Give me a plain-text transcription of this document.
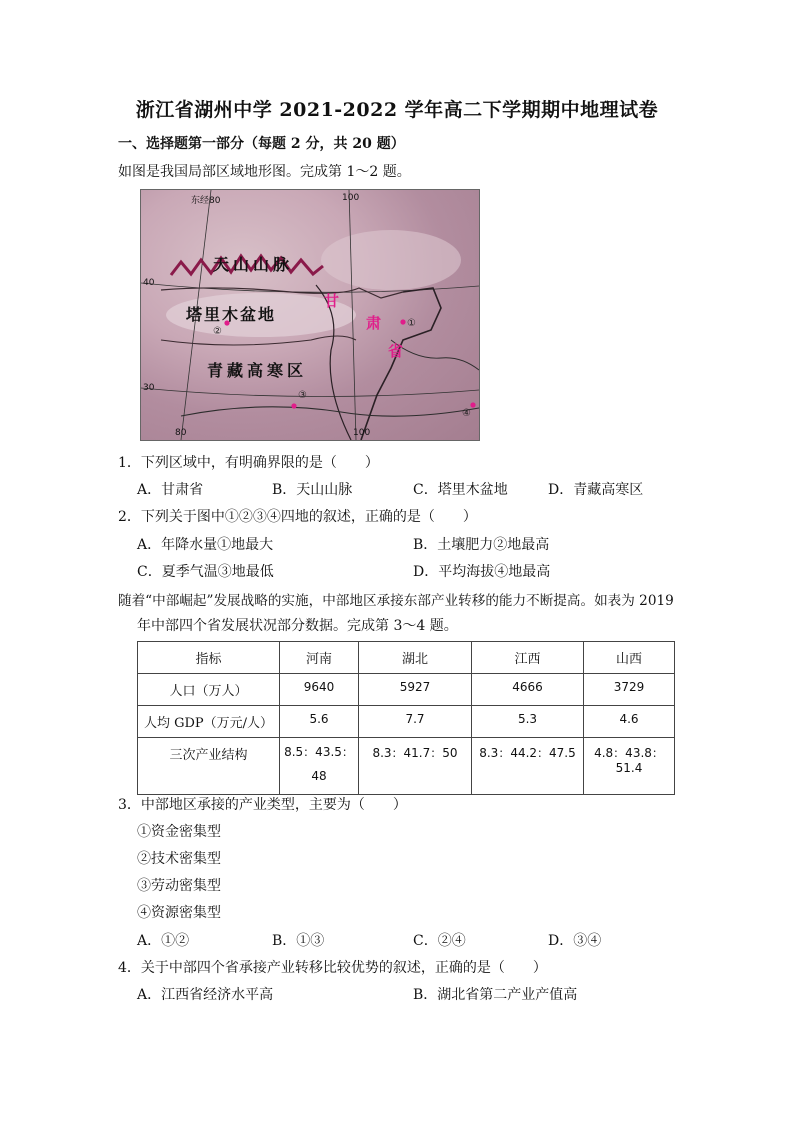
浙江省湖州中学 2021-2022 学年高二下学期期中地理试卷
一、选择题第一部分（每题 2 分，共 20 题）
如图是我国局部区域地形图。完成第 1～2 题。
东经80	100
40
30
80	100
天山山脉
塔里木盆地
青藏高寒区
甘
肃
省
①
②
③
④
1．下列区域中，有明确界限的是（　　）
A．甘肃省	B．天山山脉	C．塔里木盆地	D．青藏高寒区
2．下列关于图中①②③④四地的叙述，正确的是（　　）
A．年降水量①地最大	B．土壤肥力②地最高
C．夏季气温③地最低	D．平均海拔④地最高
随着“中部崛起”发展战略的实施，中部地区承接东部产业转移的能力不断提高。如表为 2019
年中部四个省发展状况部分数据。完成第 3～4 题。
指标	河南	湖北	江西	山西
人口（万人）	9640	5927	4666	3729
人均 GDP（万元/人）	5.6	7.7	5.3	4.6
三次产业结构	8.5：43.5：48	8.3：41.7：50	8.3：44.2：47.5	4.8：43.8：51.4
3．中部地区承接的产业类型，主要为（　　）
①资金密集型
②技术密集型
③劳动密集型
④资源密集型
A．①②	B．①③	C．②④	D．③④
4．关于中部四个省承接产业转移比较优势的叙述，正确的是（　　）
A．江西省经济水平高	B．湖北省第二产业产值高
